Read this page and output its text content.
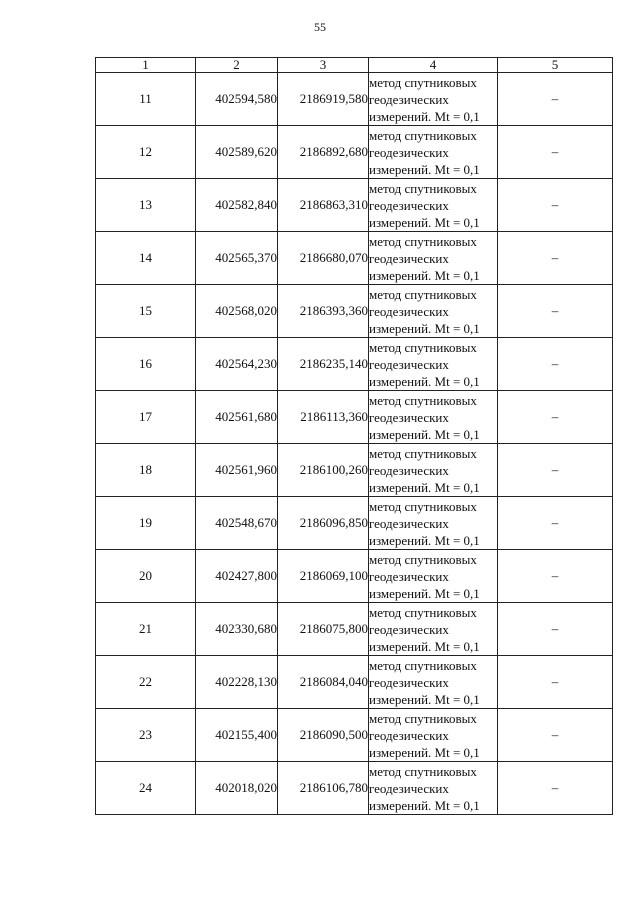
55
1	2	3	4	5
11	402594,580	2186919,580	метод спутниковых
геодезических
измерений. Mt = 0,1	–
12	402589,620	2186892,680	метод спутниковых
геодезических
измерений. Mt = 0,1	–
13	402582,840	2186863,310	метод спутниковых
геодезических
измерений. Mt = 0,1	–
14	402565,370	2186680,070	метод спутниковых
геодезических
измерений. Mt = 0,1	–
15	402568,020	2186393,360	метод спутниковых
геодезических
измерений. Mt = 0,1	–
16	402564,230	2186235,140	метод спутниковых
геодезических
измерений. Mt = 0,1	–
17	402561,680	2186113,360	метод спутниковых
геодезических
измерений. Mt = 0,1	–
18	402561,960	2186100,260	метод спутниковых
геодезических
измерений. Mt = 0,1	–
19	402548,670	2186096,850	метод спутниковых
геодезических
измерений. Mt = 0,1	–
20	402427,800	2186069,100	метод спутниковых
геодезических
измерений. Mt = 0,1	–
21	402330,680	2186075,800	метод спутниковых
геодезических
измерений. Mt = 0,1	–
22	402228,130	2186084,040	метод спутниковых
геодезических
измерений. Mt = 0,1	–
23	402155,400	2186090,500	метод спутниковых
геодезических
измерений. Mt = 0,1	–
24	402018,020	2186106,780	метод спутниковых
геодезических
измерений. Mt = 0,1	–
